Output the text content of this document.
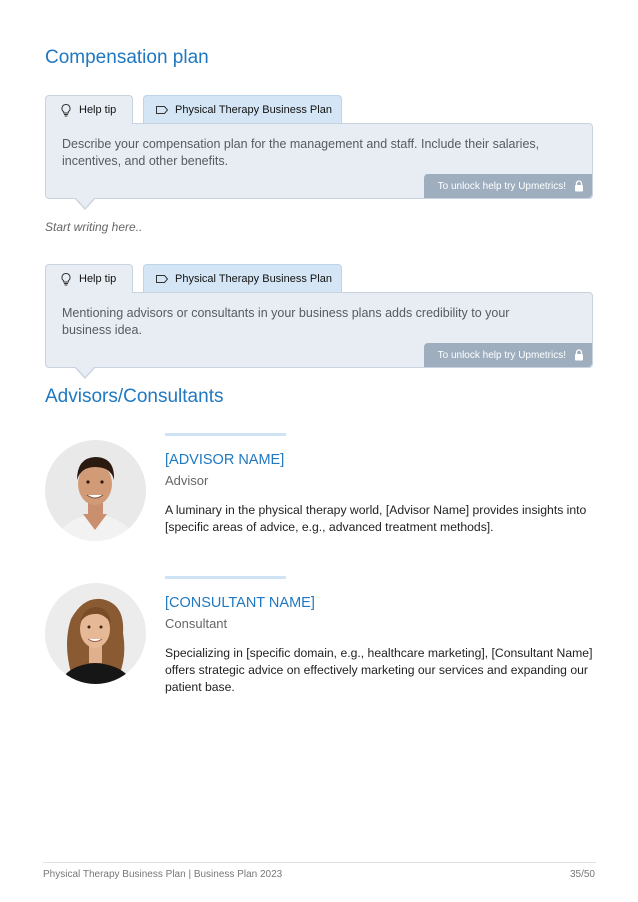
Compensation plan
Help tip	Physical Therapy Business Plan
Describe your compensation plan for the management and staff. Include their salaries, incentives, and other benefits.
To unlock help try Upmetrics!
Start writing here..
Help tip	Physical Therapy Business Plan
Mentioning advisors or consultants in your business plans adds credibility to your business idea.
To unlock help try Upmetrics!
Advisors/Consultants
[ADVISOR NAME]
Advisor
A luminary in the physical therapy world, [Advisor Name] provides insights into [specific areas of advice, e.g., advanced treatment methods].
[CONSULTANT NAME]
Consultant
Specializing in [specific domain, e.g., healthcare marketing], [Consultant Name] offers strategic advice on effectively marketing our services and expanding our patient base.
Physical Therapy Business Plan | Business Plan 2023	35/50
